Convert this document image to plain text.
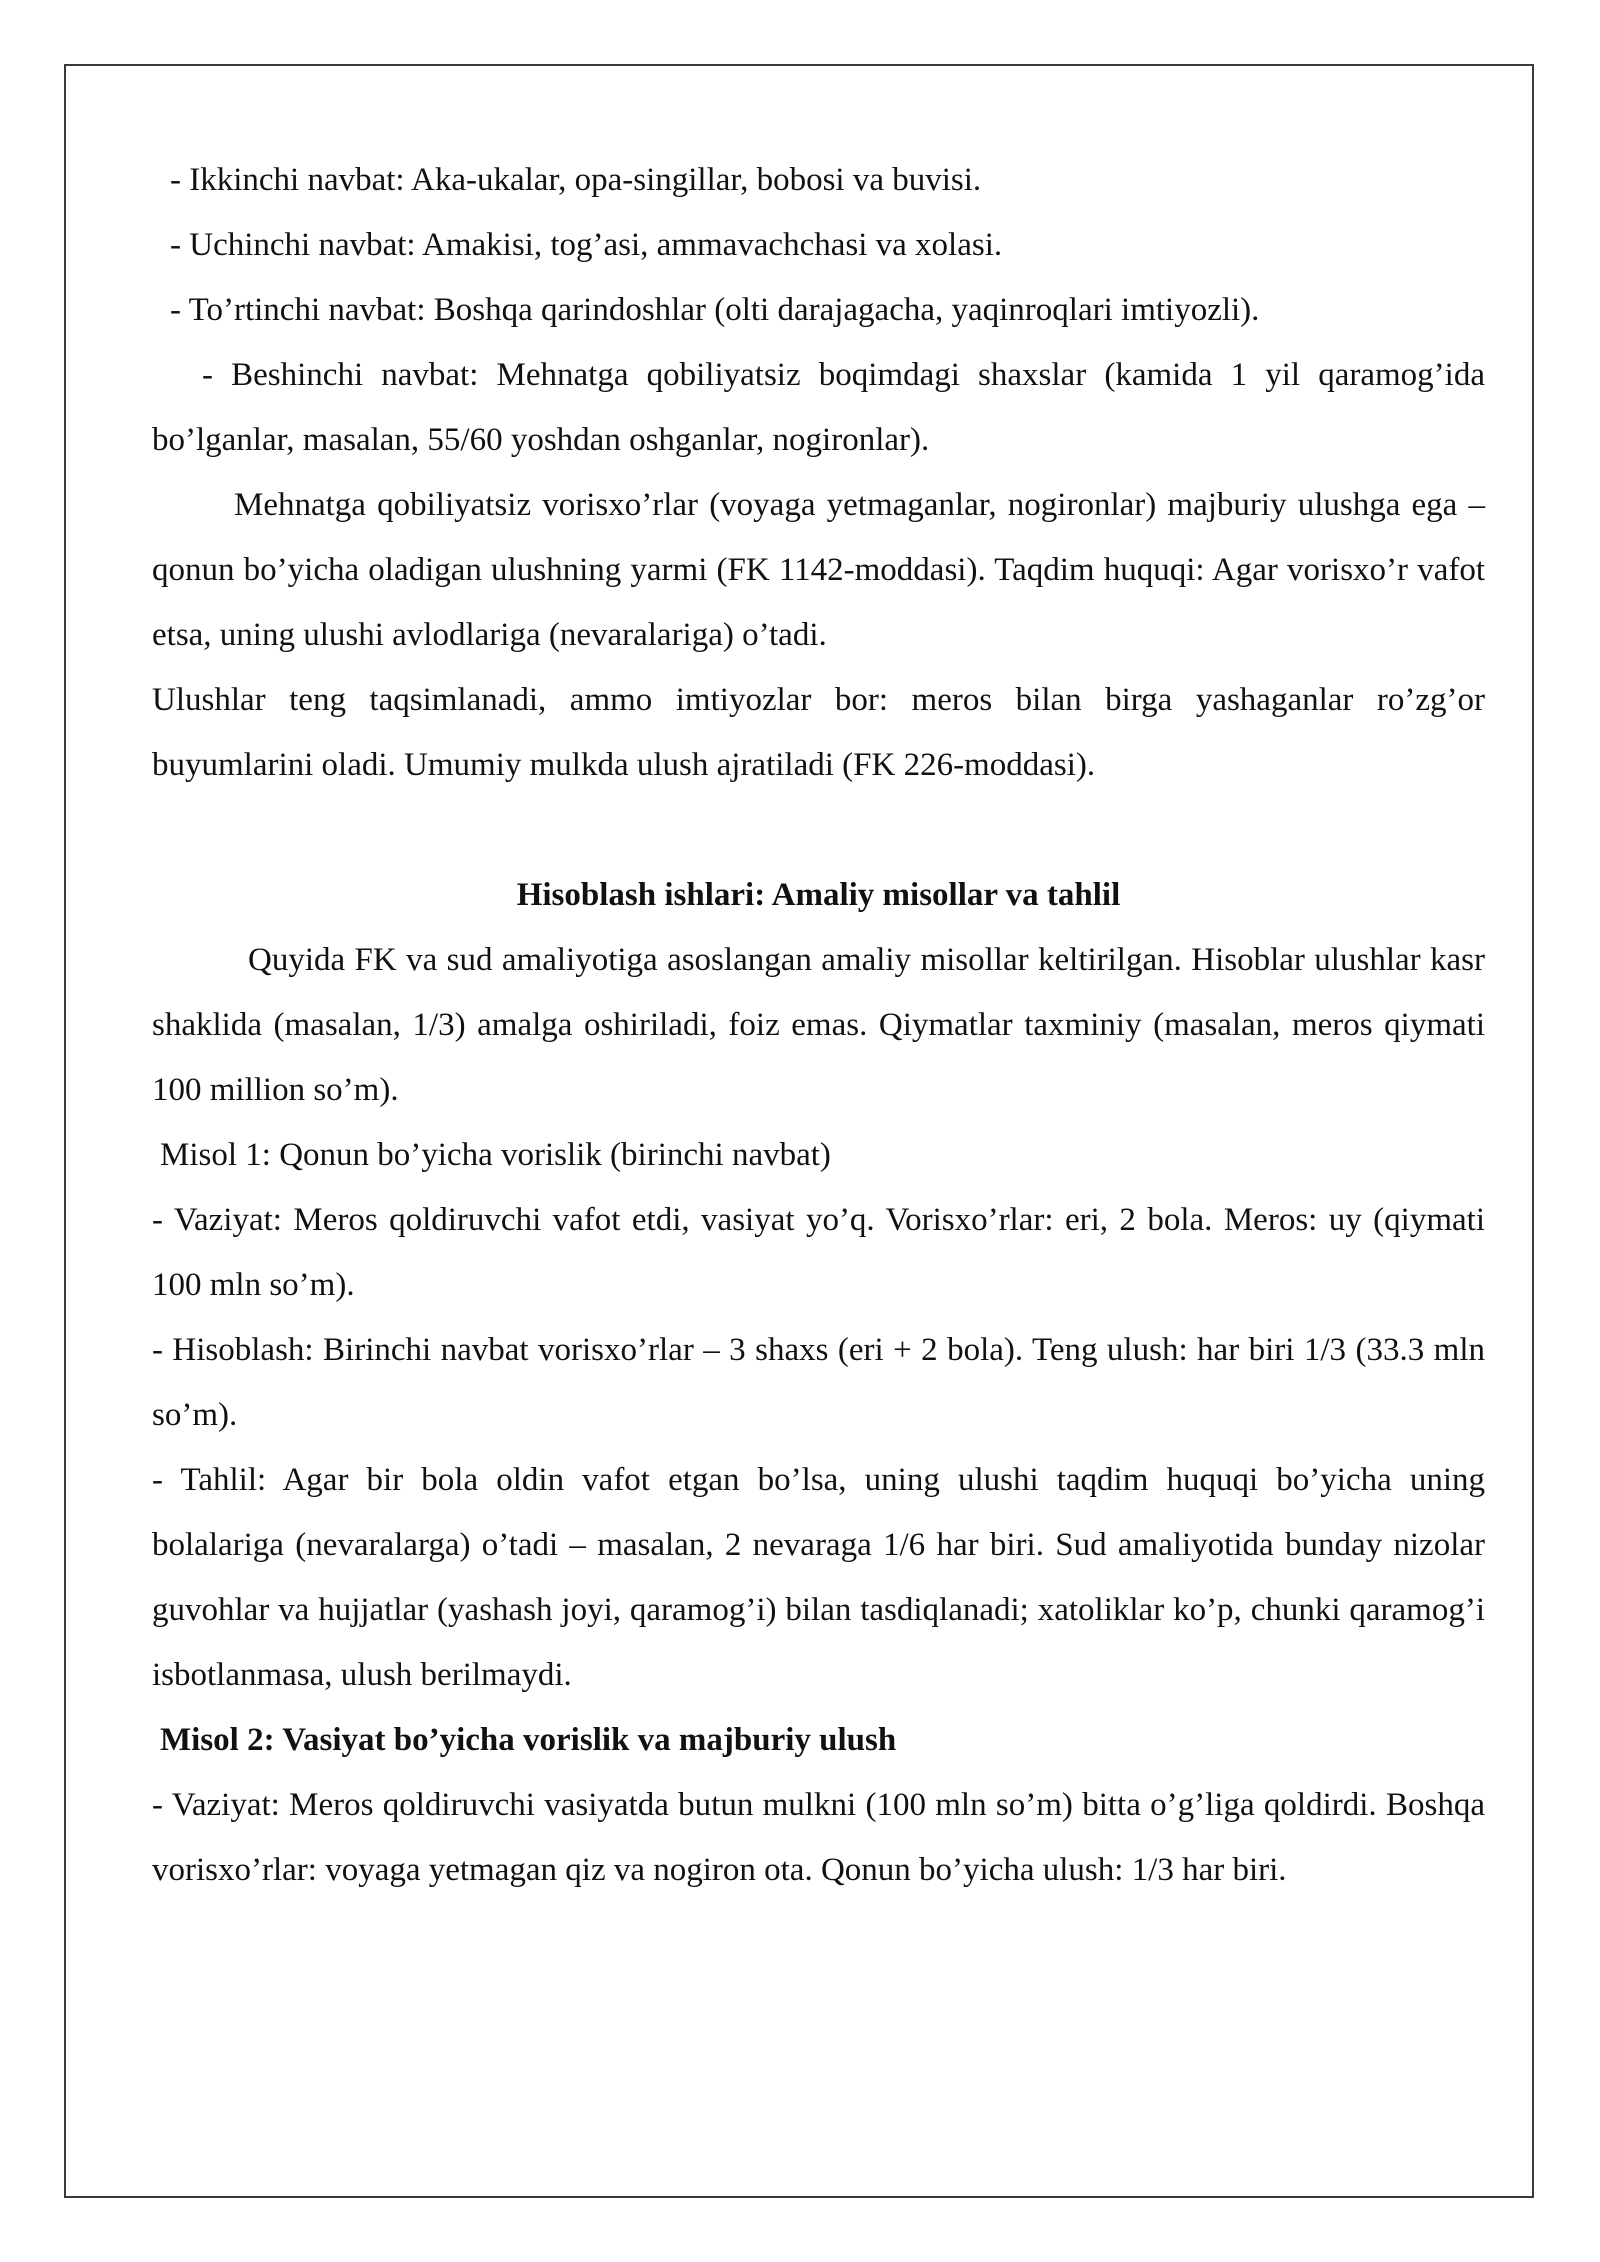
- Ikkinchi navbat: Aka-ukalar, opa-singillar, bobosi va buvisi.

- Uchinchi navbat: Amakisi, tog’asi, ammavachchasi va xolasi.

- To’rtinchi navbat: Boshqa qarindoshlar (olti darajagacha, yaqinroqlari imtiyozli).

- Beshinchi navbat: Mehnatga qobiliyatsiz boqimdagi shaxslar (kamida 1 yil qaramog’ida bo’lganlar, masalan, 55/60 yoshdan oshganlar, nogironlar).

Mehnatga qobiliyatsiz vorisxo’rlar (voyaga yetmaganlar, nogironlar) majburiy ulushga ega – qonun bo’yicha oladigan ulushning yarmi (FK 1142-moddasi). Taqdim huquqi: Agar vorisxo’r vafot etsa, uning ulushi avlodlariga (nevaralariga) o’tadi.

Ulushlar teng taqsimlanadi, ammo imtiyozlar bor: meros bilan birga yashaganlar ro’zg’or buyumlarini oladi. Umumiy mulkda ulush ajratiladi (FK 226-moddasi).

Hisoblash ishlari: Amaliy misollar va tahlil

Quyida FK va sud amaliyotiga asoslangan amaliy misollar keltirilgan. Hisoblar ulushlar kasr shaklida (masalan, 1/3) amalga oshiriladi, foiz emas. Qiymatlar taxminiy (masalan, meros qiymati 100 million so’m).

Misol 1: Qonun bo’yicha vorislik (birinchi navbat)

- Vaziyat: Meros qoldiruvchi vafot etdi, vasiyat yo’q. Vorisxo’rlar: eri, 2 bola. Meros: uy (qiymati 100 mln so’m).

- Hisoblash: Birinchi navbat vorisxo’rlar – 3 shaxs (eri + 2 bola). Teng ulush: har biri 1/3 (33.3 mln so’m).

- Tahlil: Agar bir bola oldin vafot etgan bo’lsa, uning ulushi taqdim huquqi bo’yicha uning bolalariga (nevaralarga) o’tadi – masalan, 2 nevaraga 1/6 har biri. Sud amaliyotida bunday nizolar guvohlar va hujjatlar (yashash joyi, qaramog’i) bilan tasdiqlanadi; xatoliklar ko’p, chunki qaramog’i isbotlanmasa, ulush berilmaydi.

Misol 2: Vasiyat bo’yicha vorislik va majburiy ulush

- Vaziyat: Meros qoldiruvchi vasiyatda butun mulkni (100 mln so’m) bitta o’g’liga qoldirdi. Boshqa vorisxo’rlar: voyaga yetmagan qiz va nogiron ota. Qonun bo’yicha ulush: 1/3 har biri.
